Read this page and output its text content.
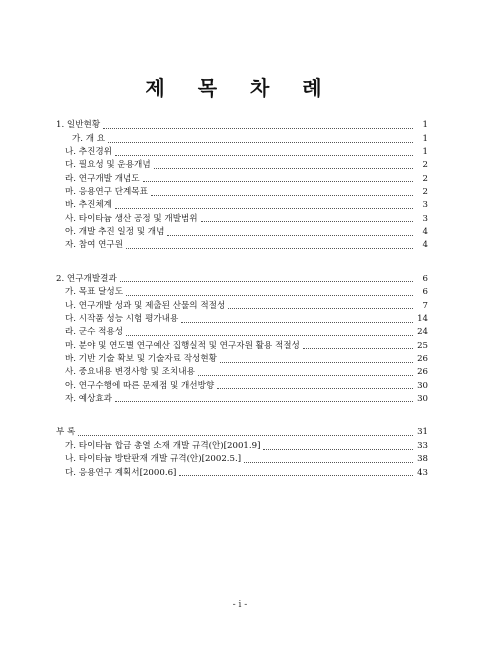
제 목 차 례
1. 일반현황	1
가. 개 요	1
나. 추진경위	1
다. 필요성 및 운용개념	2
라. 연구개발 개념도	2
마. 응용연구 단계목표	2
바. 추진체계	3
사. 타이타늄 생산 공정 및 개발범위	3
아. 개발 추진 일정 및 개념	4
자. 참여 연구원	4
2. 연구개발결과	6
가. 목표 달성도	6
나. 연구개발 성과 및 제출된 산물의 적절성	7
다. 시작품 성능 시험 평가내용	14
라. 군수 적용성	24
마. 분야 및 연도별 연구예산 집행실적 및 연구자원 활용 적절성	25
바. 기반 기술 확보 및 기술자료 작성현황	26
사. 중요내용 변경사항 및 조치내용	26
아. 연구수행에 따른 문제점 및 개선방향	30
자. 예상효과	30
부 록	31
가. 타이타늄 합금 총열 소재 개발 규격(안)[2001.9]	33
나. 타이타늄 방탄판재 개발 규격(안)[2002.5.]	38
다. 응용연구 계획서[2000.6]	43
- i -
